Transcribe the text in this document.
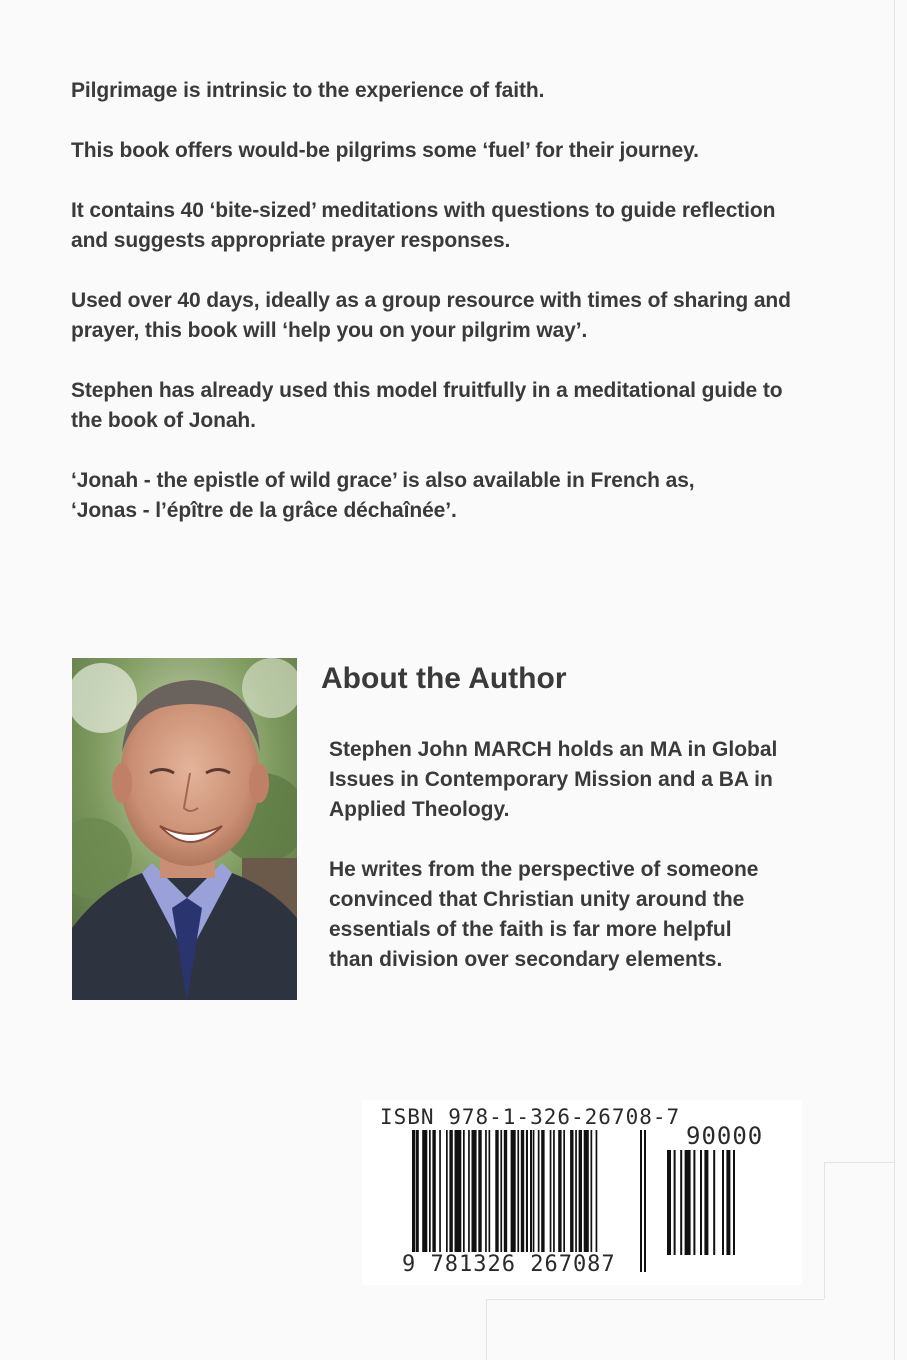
Pilgrimage is intrinsic to the experience of faith.

This book offers would-be pilgrims some ‘fuel’ for their journey.

It contains 40 ‘bite-sized’ meditations with questions to guide reflection
and suggests appropriate prayer responses.

Used over 40 days, ideally as a group resource with times of sharing and
prayer, this book will ‘help you on your pilgrim way’.

Stephen has already used this model fruitfully in a meditational guide to
the book of Jonah.

‘Jonah - the epistle of wild grace’ is also available in French as,
‘Jonas - l’épître de la grâce déchaînée’.

About the Author

Stephen John MARCH holds an MA in Global
Issues in Contemporary Mission and a BA in
Applied Theology.

He writes from the perspective of someone
convinced that Christian unity around the
essentials of the faith is far more helpful
than division over secondary elements.

ISBN 978-1-326-26708-7
90000
9 781326 267087
